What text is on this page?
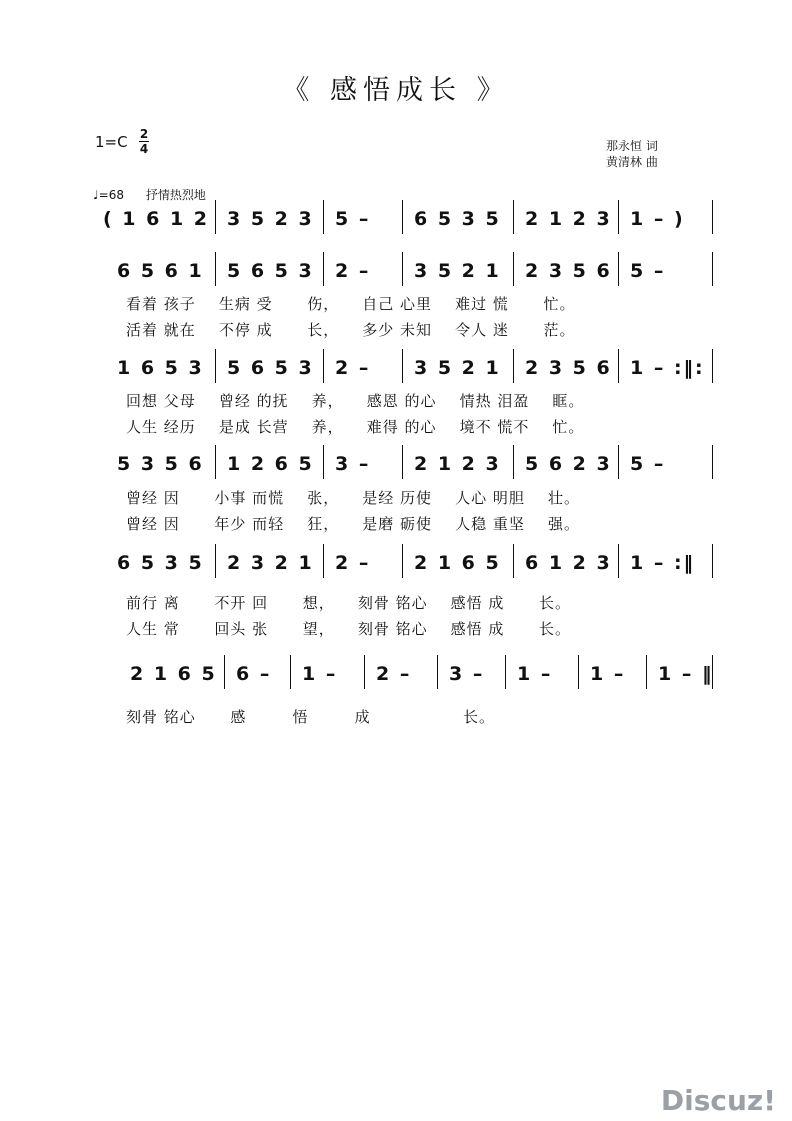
《 感悟成长 》
1=C 2
4	那永恒 词
黄清林 曲
♩=68 抒情热烈地
( 1 6 1 2 3 5 2 3 5 – 6 5 3 5 2 1 2 3 1 – )
6 5 6 1 5 6 5 3 2 – 3 5 2 1 2 3 5 6 5 –
看着 孩子    生病 受      伤，    自己 心里    难过 慌      忙。
活着 就在    不停 成      长，    多少 未知    令人 迷      茫。
1 6 5 3 5 6 5 3 2 – 3 5 2 1 2 3 5 6 1 – :‖:
回想 父母    曾经 的抚    养，    感恩 的心    情热 泪盈    眶。
人生 经历    是成 长营    养，    难得 的心    境不 慌不    忙。
5 3 5 6 1 2 6 5 3 – 2 1 2 3 5 6 2 3 5 –
曾经 因      小事 而慌    张，    是经 历使    人心 明胆    壮。
曾经 因      年少 而轻    狂，    是磨 砺使    人稳 重坚    强。
6 5 3 5 2 3 2 1 2 – 2 1 6 5 6 1 2 3 1 – :‖
前行 离      不开 回      想，    刻骨 铭心    感悟 成      长。
人生 常      回头 张      望，    刻骨 铭心    感悟 成      长。
2 1 6 5 6 – 1 – 2 – 3 – 1 – 1 – 1 – ‖
刻骨 铭心      感        悟        成                长。
Discuz!
